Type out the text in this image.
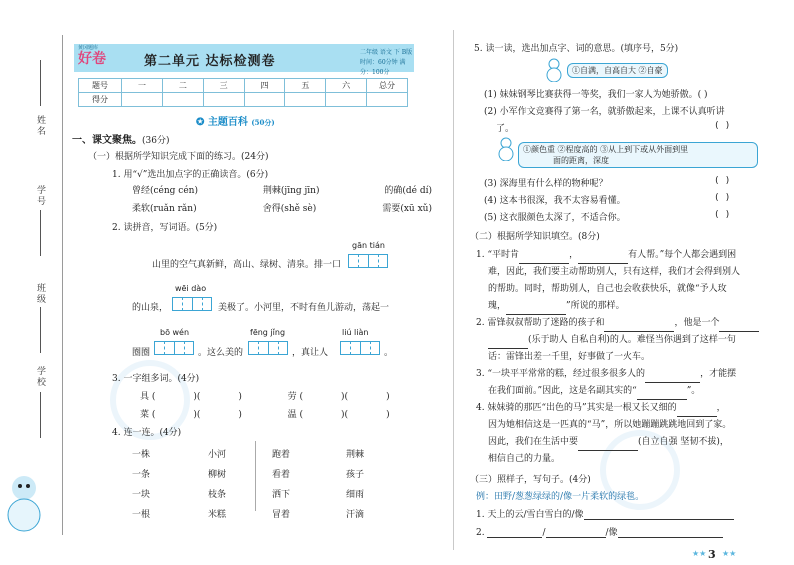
姓名
学号
班级
学校
第二单元 达标检测卷
二年级 语文 下 B版
时间：60分钟 满分：100分
黄冈题库
好卷
题号	一	二	三	四	五	六	总分
得分							
✪ 主题百科 (50分)
一、课文聚焦。(36分)
（一）根据所学知识完成下面的练习。(24分)
1. 用“√”选出加点字的正确读音。(6分)
曾经(céng cén)	荆棘(jīng jīn)	的确(dé dí)
柔软(ruǎn rǎn)	舍得(shě sè)	需要(xū xǔ)
2. 读拼音，写词语。(5分)
gān tián
山里的空气真新鲜，高山、绿树、清泉。排一口
wēi dào
的山泉，	美极了。小河里，不时有鱼儿游动，荡起一
bō wén	fēng jǐng	liú liàn
圈圈	。这么美的	，真让人	。
3. 一字组多词。(4分)
具 (	)(	)	劳 (	)(	)
菜 (	)(	)	温 (	)(	)
4. 连一连。(4分)
一株
一条
一块
一根
小河
柳树
枝条
米糕
跑着
看着
洒下
冒着
荆棘
孩子
细雨
汗滴
5. 读一读，选出加点字、词的意思。(填序号，5分)
①自满，自高自大 ②自豪
(1) 妹妹钢琴比赛获得一等奖，我们一家人为她骄傲。( )
(2) 小军作文竞赛得了第一名，就骄傲起来，上课不认真听讲
了。	( )
①颜色重 ②程度高的 ③从上到下或从外面到里
面的距离，深度
(3) 深海里有什么样的物种呢？	( )
(4) 这本书很深，我不太容易看懂。	( )
(5) 这衣服颜色太深了，不适合你。	( )
（二）根据所学知识填空。(8分)
1. “平时肯	，	有人帮。”每个人都会遇到困
难，因此，我们要主动帮助别人，只有这样，我们才会得到别人
的帮助。同时，帮助别人，自己也会收获快乐，就像“予人玫
瑰，	”所说的那样。
2. 雷锋叔叔帮助了迷路的孩子和	，他是一个
(乐于助人 自私自利)的人。难怪当你遇到了这样一句
话：雷锋出差一千里，好事做了一火车。
3. “一块平平常常的糕，经过很多很多人的	，才能摆
在我们面前。”因此，这是名副其实的“	”。
4. 妹妹骑的那匹“出色的马”其实是一根又长又细的	，
因为她相信这是一匹真的“马”，所以她蹦蹦跳跳地回到了家。
因此，我们在生活中要	(自立自强 坚韧不拔)，
相信自己的力量。
（三）照样子，写句子。(4分)
例：田野/葱葱绿绿的/像一片柔软的绿毯。
1. 天上的云/雪白雪白的/像
2.	/	/像
★★ 3 ★★
